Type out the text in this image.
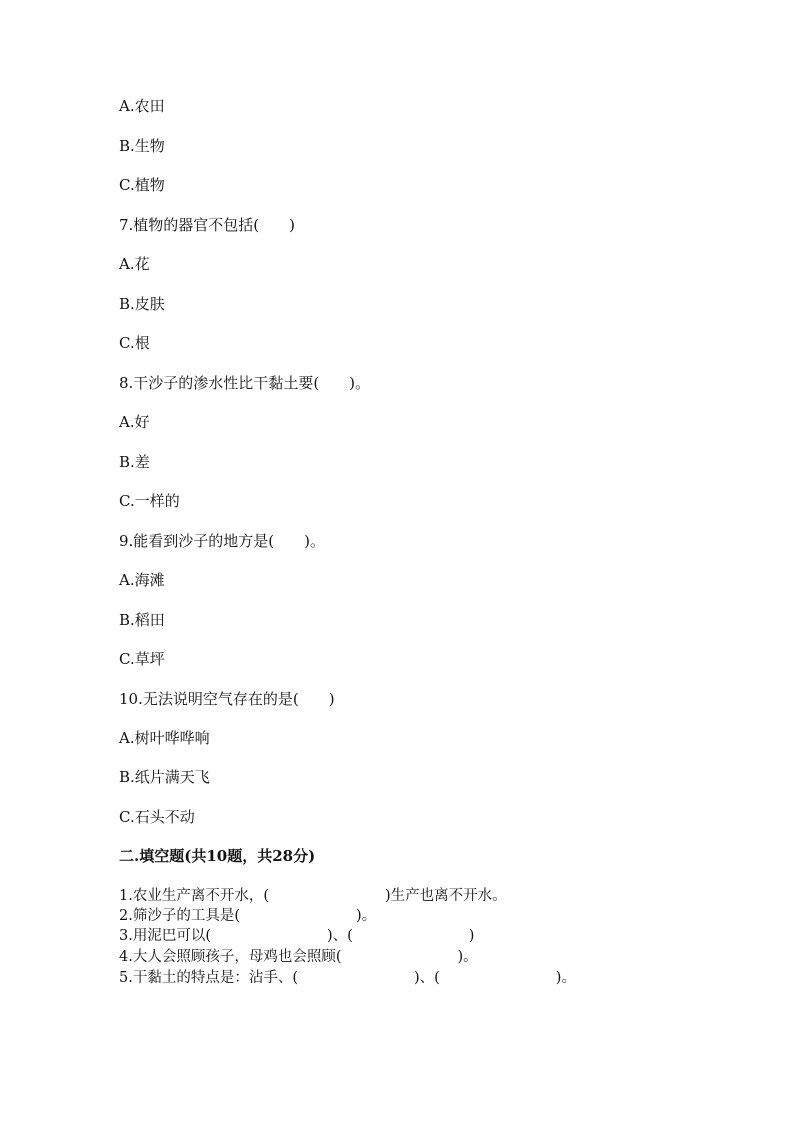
A.农田
B.生物
C.植物
7.植物的器官不包括(　　)
A.花
B.皮肤
C.根
8.干沙子的渗水性比干黏土要(　　)。
A.好
B.差
C.一样的
9.能看到沙子的地方是(　　)。
A.海滩
B.稻田
C.草坪
10.无法说明空气存在的是(　　)
A.树叶哗哗响
B.纸片满天飞
C.石头不动
二.填空题(共10题，共28分)
1.农业生产离不开水，(　　　　　　　　)生产也离不开水。
2.筛沙子的工具是(　　　　　　　　)。
3.用泥巴可以(　　　　　　　　)、(　　　　　　　　)
4.大人会照顾孩子，母鸡也会照顾(　　　　　　　　)。
5.干黏土的特点是：沾手、(　　　　　　　　)、(　　　　　　　　)。
